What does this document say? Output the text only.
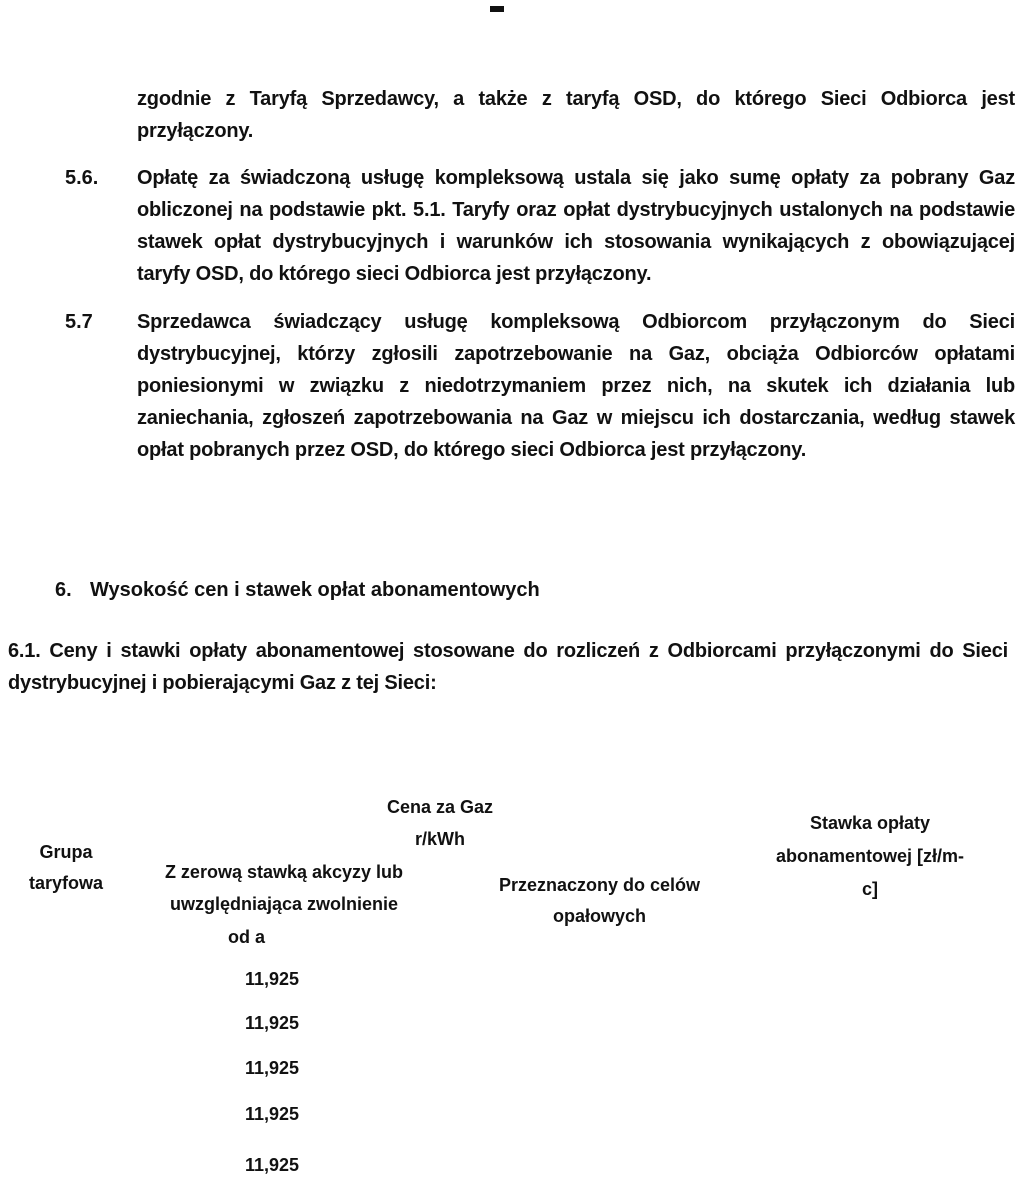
zgodnie z Taryfą Sprzedawcy, a także z taryfą OSD, do którego Sieci Odbiorca jest przyłączony.
5.6. Opłatę za świadczoną usługę kompleksową ustala się jako sumę opłaty za pobrany Gaz obliczonej na podstawie pkt. 5.1. Taryfy oraz opłat dystrybucyjnych ustalonych na podstawie stawek opłat dystrybucyjnych i warunków ich stosowania wynikających z obowiązującej taryfy OSD, do którego sieci Odbiorca jest przyłączony.
5.7 Sprzedawca świadczący usługę kompleksową Odbiorcom przyłączonym do Sieci dystrybucyjnej, którzy zgłosili zapotrzebowanie na Gaz, obciąża Odbiorców opłatami poniesionymi w związku z niedotrzymaniem przez nich, na skutek ich działania lub zaniechania, zgłoszeń zapotrzebowania na Gaz w miejscu ich dostarczania, według stawek opłat pobranych przez OSD, do którego sieci Odbiorca jest przyłączony.
6. Wysokość cen i stawek opłat abonamentowych
6.1. Ceny i stawki opłaty abonamentowej stosowane do rozliczeń z Odbiorcami przyłączonymi do Sieci dystrybucyjnej i pobierającymi Gaz z tej Sieci:
Grupa taryfowa
Cena za Gaz
r/kWh
Z zerową stawką akcyzy lub
uwzględniająca zwolnienie
od a
Przeznaczony do celów opałowych
Stawka opłaty abonamentowej [zł/m-c]
11,925
11,925
11,925
11,925
11,925
